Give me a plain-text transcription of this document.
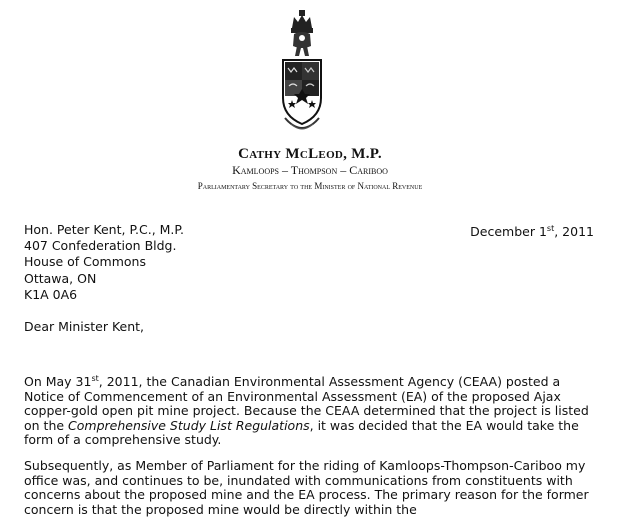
Cathy McLeod, M.P.
Kamloops – Thompson – Cariboo
Parliamentary Secretary to the Minister of National Revenue
Hon. Peter Kent, P.C., M.P.
407 Confederation Bldg.
House of Commons
Ottawa, ON
K1A 0A6
December 1st, 2011
Dear Minister Kent,
On May 31st, 2011, the Canadian Environmental Assessment Agency (CEAA) posted a Notice of Commencement of an Environmental Assessment (EA) of the proposed Ajax copper-gold open pit mine project. Because the CEAA determined that the project is listed on the Comprehensive Study List Regulations, it was decided that the EA would take the form of a comprehensive study.
Subsequently, as Member of Parliament for the riding of Kamloops-Thompson-Cariboo my office was, and continues to be, inundated with communications from constituents with concerns about the proposed mine and the EA process. The primary reason for the former concern is that the proposed mine would be directly within the
